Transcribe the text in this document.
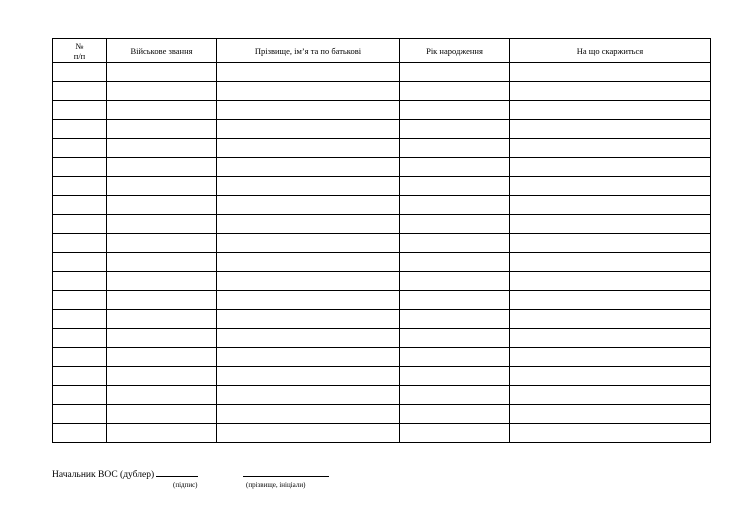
№
п/п	Військове звання	Прізвище, ім’я та по батькові	Рік народження	На що скаржиться

Начальник ВОС (дублер)
(підпис)	(прізвище, ініціали)
